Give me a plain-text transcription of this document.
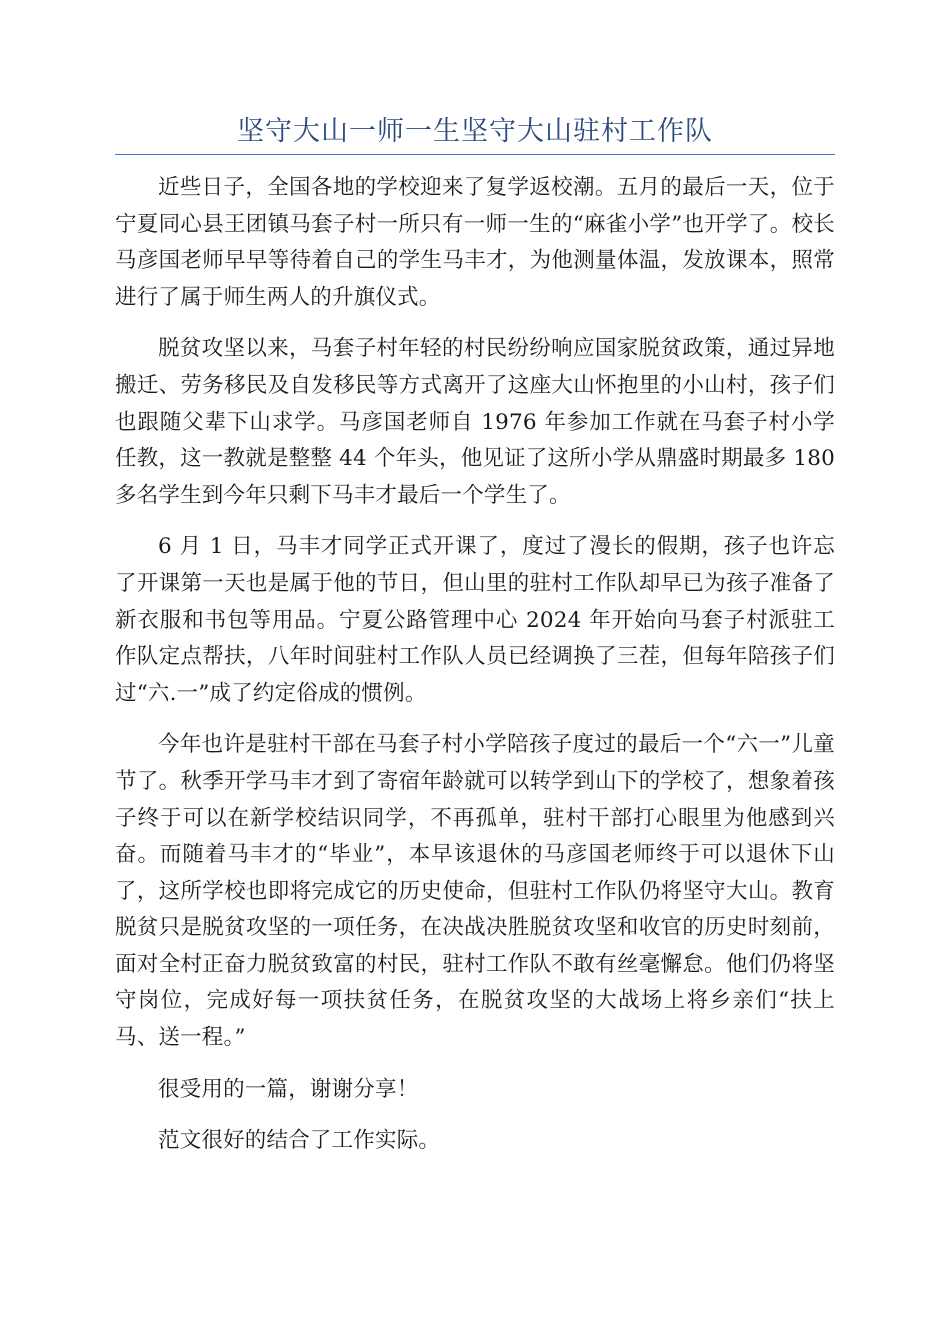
坚守大山一师一生坚守大山驻村工作队

近些日子，全国各地的学校迎来了复学返校潮。五月的最后一天，位于宁夏同心县王团镇马套子村一所只有一师一生的“麻雀小学”也开学了。校长马彦国老师早早等待着自己的学生马丰才，为他测量体温，发放课本，照常进行了属于师生两人的升旗仪式。

脱贫攻坚以来，马套子村年轻的村民纷纷响应国家脱贫政策，通过异地搬迁、劳务移民及自发移民等方式离开了这座大山怀抱里的小山村，孩子们也跟随父辈下山求学。马彦国老师自 1976 年参加工作就在马套子村小学任教，这一教就是整整 44 个年头，他见证了这所小学从鼎盛时期最多 180 多名学生到今年只剩下马丰才最后一个学生了。

6 月 1 日，马丰才同学正式开课了，度过了漫长的假期，孩子也许忘了开课第一天也是属于他的节日，但山里的驻村工作队却早已为孩子准备了新衣服和书包等用品。宁夏公路管理中心 2024 年开始向马套子村派驻工作队定点帮扶，八年时间驻村工作队人员已经调换了三茬，但每年陪孩子们过“六.一”成了约定俗成的惯例。

今年也许是驻村干部在马套子村小学陪孩子度过的最后一个“六一”儿童节了。秋季开学马丰才到了寄宿年龄就可以转学到山下的学校了，想象着孩子终于可以在新学校结识同学，不再孤单，驻村干部打心眼里为他感到兴奋。而随着马丰才的“毕业”，本早该退休的马彦国老师终于可以退休下山了，这所学校也即将完成它的历史使命，但驻村工作队仍将坚守大山。教育脱贫只是脱贫攻坚的一项任务，在决战决胜脱贫攻坚和收官的历史时刻前，面对全村正奋力脱贫致富的村民，驻村工作队不敢有丝毫懈怠。他们仍将坚守岗位，完成好每一项扶贫任务，在脱贫攻坚的大战场上将乡亲们“扶上马、送一程。”

很受用的一篇，谢谢分享！

范文很好的结合了工作实际。
